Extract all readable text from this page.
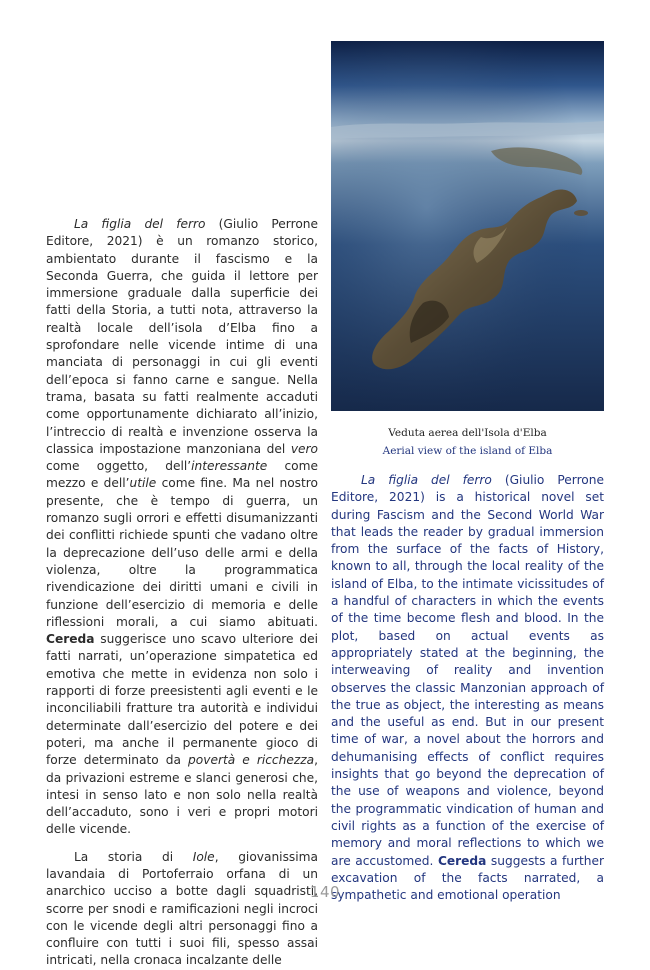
La figlia del ferro (Giulio Perrone Editore, 2021) è un romanzo storico, ambientato durante il fascismo e la Seconda Guerra, che guida il lettore per immersione graduale dalla superficie dei fatti della Storia, a tutti nota, attraverso la realtà locale dell’isola d’Elba fino a sprofondare nelle vicende intime di una manciata di personaggi in cui gli eventi dell’epoca si fanno carne e sangue. Nella trama, basata su fatti realmente accaduti come opportunamente dichiarato all’inizio, l’intreccio di realtà e invenzione osserva la classica impostazione manzoniana del vero come oggetto, dell’interessante come mezzo e dell’utile come fine. Ma nel nostro presente, che è tempo di guerra, un romanzo sugli orrori e effetti disumanizzanti dei conflitti richiede spunti che vadano oltre la deprecazione dell’uso delle armi e della violenza, oltre la programmatica rivendicazione dei diritti umani e civili in funzione dell’esercizio di memoria e delle riflessioni morali, a cui siamo abituati. Cereda suggerisce uno scavo ulteriore dei fatti narrati, un’operazione simpatetica ed emotiva che mette in evidenza non solo i rapporti di forze preesistenti agli eventi e le inconciliabili fratture tra autorità e individui determinate dall’esercizio del potere e dei poteri, ma anche il permanente gioco di forze determinato da povertà e ricchezza, da privazioni estreme e slanci generosi che, intesi in senso lato e non solo nella realtà dell’accaduto, sono i veri e propri motori delle vicende.

La storia di Iole, giovanissima lavandaia di Portoferraio orfana di un anarchico ucciso a botte dagli squadristi, scorre per snodi e ramificazioni negli incroci con le vicende degli altri personaggi fino a confluire con tutti i suoi fili, spesso assai intricati, nella cronaca incalzante delle

Veduta aerea dell'Isola d'Elba
Aerial view of the island of Elba

La figlia del ferro (Giulio Perrone Editore, 2021) is a historical novel set during Fascism and the Second World War that leads the reader by gradual immersion from the surface of the facts of History, known to all, through the local reality of the island of Elba, to the intimate vicissitudes of a handful of characters in which the events of the time become flesh and blood. In the plot, based on actual events as appropriately stated at the beginning, the interweaving of reality and invention observes the classic Manzonian approach of the true as object, the interesting as means and the useful as end. But in our present time of war, a novel about the horrors and dehumanising effects of conflict requires insights that go beyond the deprecation of the use of weapons and violence, beyond the programmatic vindication of human and civil rights as a function of the exercise of memory and moral reflections to which we are accustomed. Cereda suggests a further excavation of the facts narrated, a sympathetic and emotional operation

140
